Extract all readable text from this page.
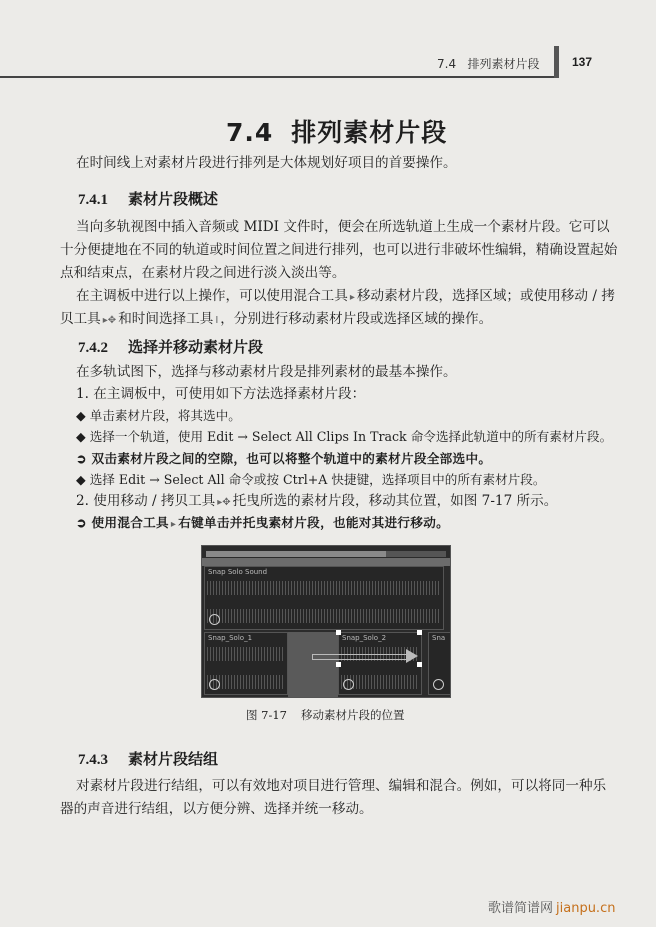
7.4 排列素材片段	137
7.4 排列素材片段
在时间线上对素材片段进行排列是大体规划好项目的首要操作。
7.4.1 素材片段概述
当向多轨视图中插入音频或 MIDI 文件时，便会在所选轨道上生成一个素材片段。它可以
十分便捷地在不同的轨道或时间位置之间进行排列，也可以进行非破坏性编辑，精确设置起始
点和结束点，在素材片段之间进行淡入淡出等。
在主调板中进行以上操作，可以使用混合工具 ▸ 移动素材片段，选择区域；或使用移动 / 拷
贝工具 ▸✥ 和时间选择工具 I ，分别进行移动素材片段或选择区域的操作。
7.4.2 选择并移动素材片段
在多轨试图下，选择与移动素材片段是排列素材的最基本操作。
1. 在主调板中，可使用如下方法选择素材片段：
◆ 单击素材片段，将其选中。
◆ 选择一个轨道，使用 Edit → Select All Clips In Track 命令选择此轨道中的所有素材片段。
➲ 双击素材片段之间的空隙，也可以将整个轨道中的素材片段全部选中。
◆ 选择 Edit → Select All 命令或按 Ctrl+A 快捷键，选择项目中的所有素材片段。
2. 使用移动 / 拷贝工具 ▸✥ 托曳所选的素材片段，移动其位置，如图 7-17 所示。
➲ 使用混合工具 ▸ 右键单击并托曳素材片段，也能对其进行移动。
Snap Solo Sound
Snap_Solo_1	Snap_Solo_2	Sna
图 7-17 移动素材片段的位置
7.4.3 素材片段结组
对素材片段进行结组，可以有效地对项目进行管理、编辑和混合。例如，可以将同一种乐
器的声音进行结组，以方便分辨、选择并统一移动。
歌谱简谱网 jianpu.cn
